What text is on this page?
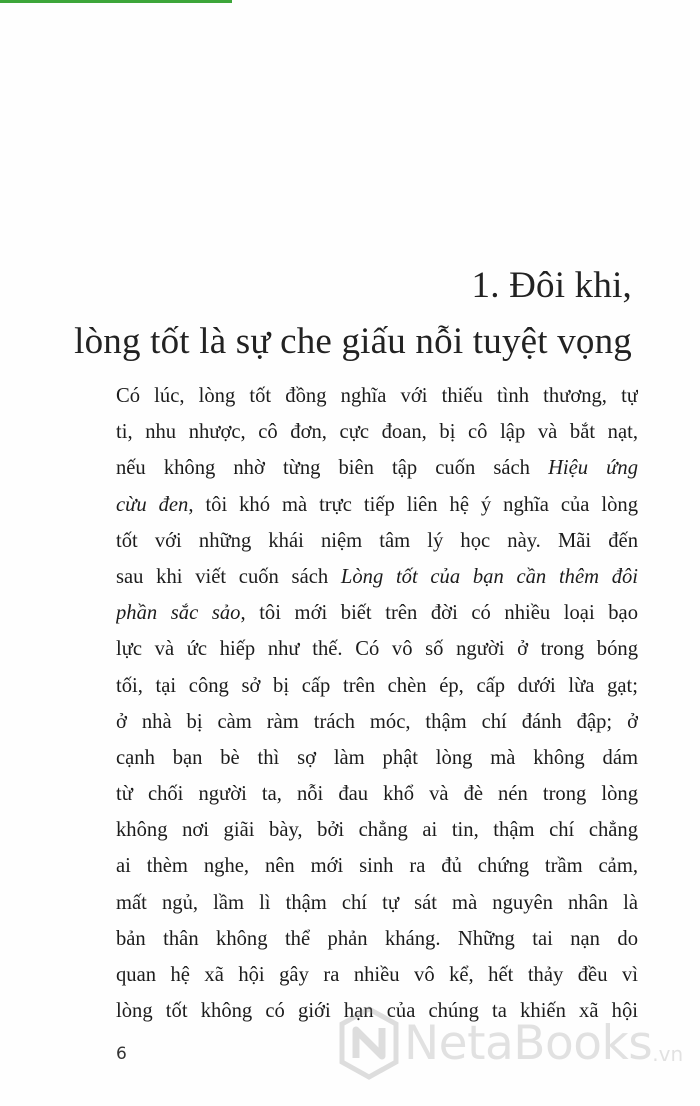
1. Đôi khi,
lòng tốt là sự che giấu nỗi tuyệt vọng
Có lúc, lòng tốt đồng nghĩa với thiếu tình thương, tự
ti, nhu nhược, cô đơn, cực đoan, bị cô lập và bắt nạt,
nếu không nhờ từng biên tập cuốn sách Hiệu ứng
cừu đen, tôi khó mà trực tiếp liên hệ ý nghĩa của lòng
tốt với những khái niệm tâm lý học này. Mãi đến
sau khi viết cuốn sách Lòng tốt của bạn cần thêm đôi
phần sắc sảo, tôi mới biết trên đời có nhiều loại bạo
lực và ức hiếp như thế. Có vô số người ở trong bóng
tối, tại công sở bị cấp trên chèn ép, cấp dưới lừa gạt;
ở nhà bị càm ràm trách móc, thậm chí đánh đập; ở
cạnh bạn bè thì sợ làm phật lòng mà không dám
từ chối người ta, nỗi đau khổ và đè nén trong lòng
không nơi giãi bày, bởi chẳng ai tin, thậm chí chẳng
ai thèm nghe, nên mới sinh ra đủ chứng trầm cảm,
mất ngủ, lầm lì thậm chí tự sát mà nguyên nhân là
bản thân không thể phản kháng. Những tai nạn do
quan hệ xã hội gây ra nhiều vô kể, hết thảy đều vì
lòng tốt không có giới hạn của chúng ta khiến xã hội
6	NetaBooks .vn
